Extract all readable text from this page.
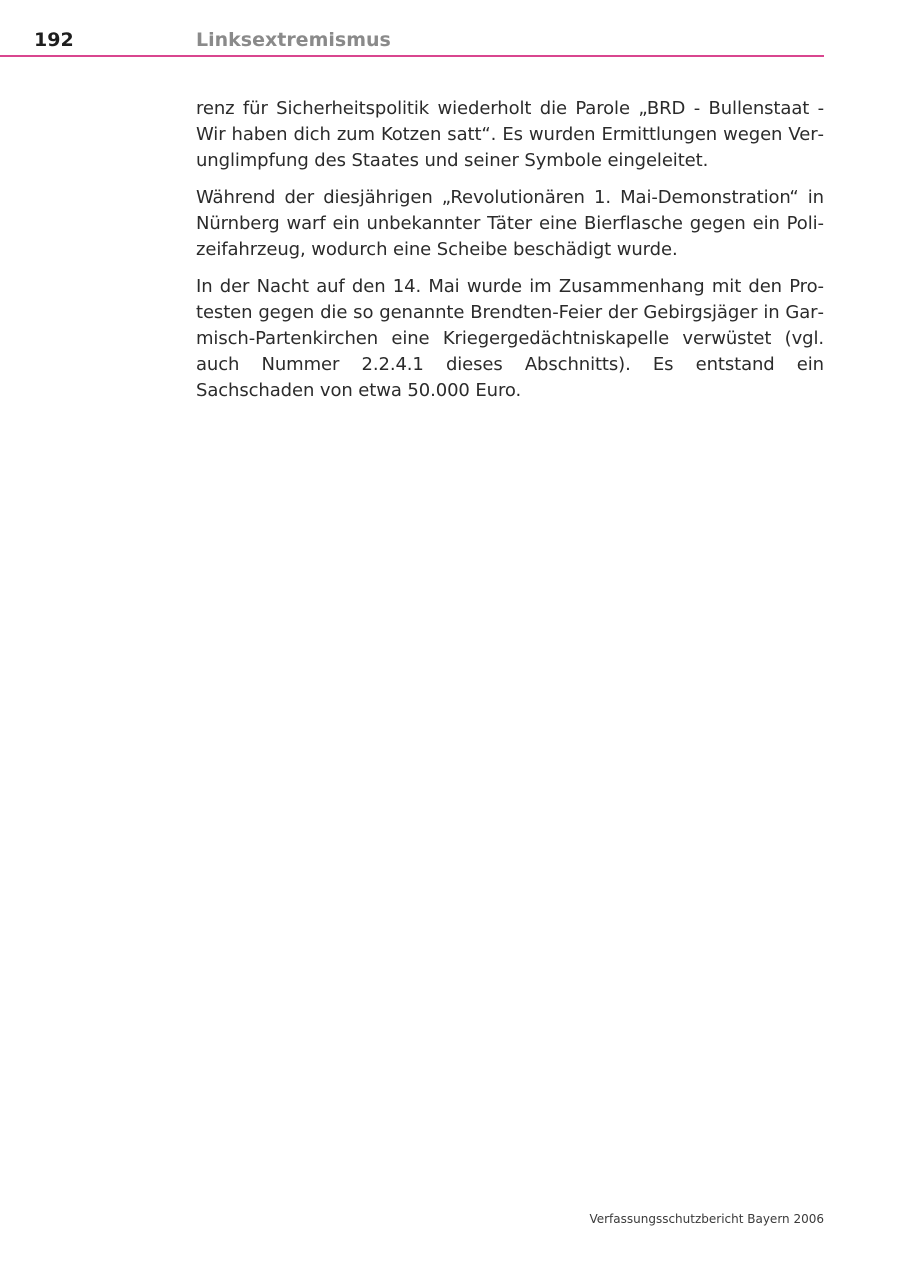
192	Linksextremismus

renz für Sicherheitspolitik wiederholt die Parole „BRD - Bullenstaat - Wir haben dich zum Kotzen satt“. Es wurden Ermittlungen wegen Verunglimpfung des Staates und seiner Symbole eingeleitet.

Während der diesjährigen „Revolutionären 1. Mai-Demonstration“ in Nürnberg warf ein unbekannter Täter eine Bierflasche gegen ein Polizeifahrzeug, wodurch eine Scheibe beschädigt wurde.

In der Nacht auf den 14. Mai wurde im Zusammenhang mit den Protesten gegen die so genannte Brendten-Feier der Gebirgsjäger in Garmisch-Partenkirchen eine Kriegergedächtniskapelle verwüstet (vgl. auch Nummer 2.2.4.1 dieses Abschnitts). Es entstand ein Sachschaden von etwa 50.000 Euro.

Verfassungsschutzbericht Bayern 2006
